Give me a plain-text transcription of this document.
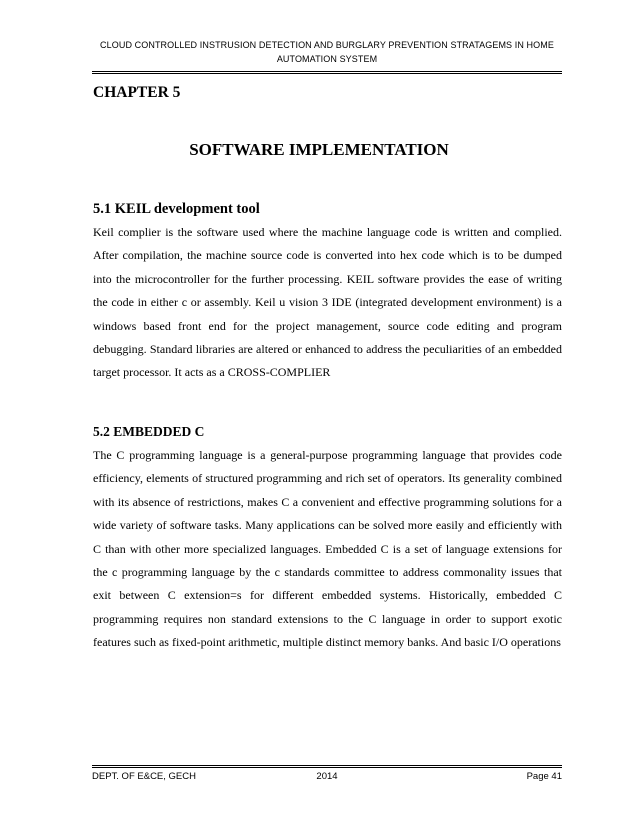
CLOUD CONTROLLED INSTRUSION DETECTION AND BURGLARY PREVENTION STRATAGEMS IN HOME
AUTOMATION SYSTEM
CHAPTER 5
SOFTWARE IMPLEMENTATION
5.1 KEIL development tool

Keil complier is the software used where the machine language code is written and complied. After compilation, the machine source code is converted into hex code which is to be dumped into the microcontroller for the further processing. KEIL software provides the ease of writing the code in either c or assembly. Keil u vision 3 IDE (integrated development environment) is a windows based front end for the project management, source code editing and program debugging. Standard libraries are altered or enhanced to address the peculiarities of an embedded target processor. It acts as a CROSS-COMPLIER

5.2 EMBEDDED C

The C programming language is a general-purpose programming language that provides code efficiency, elements of structured programming and rich set of operators. Its generality combined with its absence of restrictions, makes C a convenient and effective programming solutions for a wide variety of software tasks. Many applications can be solved more easily and efficiently with C than with other more specialized languages. Embedded C is a set of language extensions for the c programming language by the c standards committee to address commonality issues that exit between C extension=s for different embedded systems. Historically, embedded C programming requires non standard extensions to the C language in order to support exotic features such as fixed-point arithmetic, multiple distinct memory banks. And basic I/O operations

DEPT. OF E&CE, GECH	2014	Page 41
